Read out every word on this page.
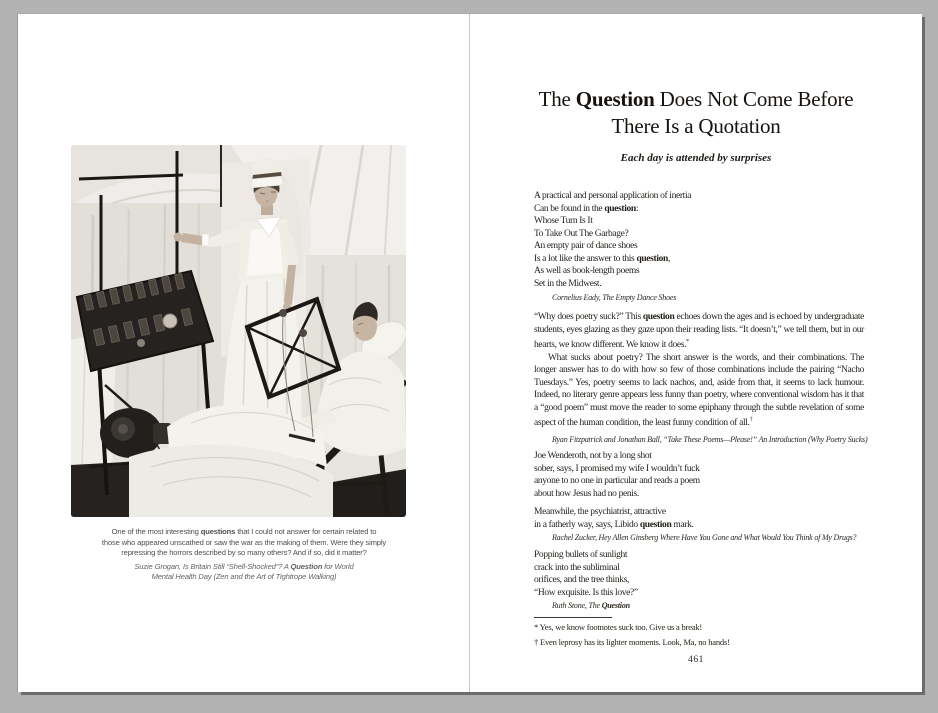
One of the most interesting questions that I could not answer for certain related to
those who appeared unscathed or saw the war as the making of them. Were they simply
repressing the horrors described by so many others? And if so, did it matter?
Suzie Grogan, Is Britain Still “Shell-Shocked”? A Question for World
Mental Health Day (Zen and the Art of Tightrope Walking)
The Question Does Not Come Before
There Is a Quotation
Each day is attended by surprises
A practical and personal application of inertia
Can be found in the question:
Whose Turn Is It
To Take Out The Garbage?
An empty pair of dance shoes
Is a lot like the answer to this question,
As well as book-length poems
Set in the Midwest.
Cornelius Eady, The Empty Dance Shoes

“Why does poetry suck?” This question echoes down the ages and is echoed by undergraduate students, eyes glazing as they gaze upon their reading lists. “It doesn’t,” we tell them, but in our hearts, we know different. We know it does.*

What sucks about poetry? The short answer is the words, and their combinations. The longer answer has to do with how so few of those combinations include the pairing “Nacho Tuesdays.” Yes, poetry seems to lack nachos, and, aside from that, it seems to lack humour. Indeed, no literary genre appears less funny than poetry, where conventional wisdom has it that a “good poem” must move the reader to some epiphany through the subtle revelation of some aspect of the human condition, the least funny condition of all.†

Ryan Fitzpatrick and Jonathan Ball, “Take These Poems—Please!” An Introduction (Why Poetry Sucks)
Joe Wenderoth, not by a long shot
sober, says, I promised my wife I wouldn’t fuck
anyone to no one in particular and reads a poem
about how Jesus had no penis.
Meanwhile, the psychiatrist, attractive
in a fatherly way, says, Libido question mark.
Rachel Zucker, Hey Allen Ginsberg Where Have You Gone and What Would You Think of My Drugs?
Popping bullets of sunlight
crack into the subliminal
orifices, and the tree thinks,
“How exquisite. Is this love?”
Ruth Stone, The Question
* Yes, we know footnotes suck too. Give us a break!
† Even leprosy has its lighter moments. Look, Ma, no hands!
461
